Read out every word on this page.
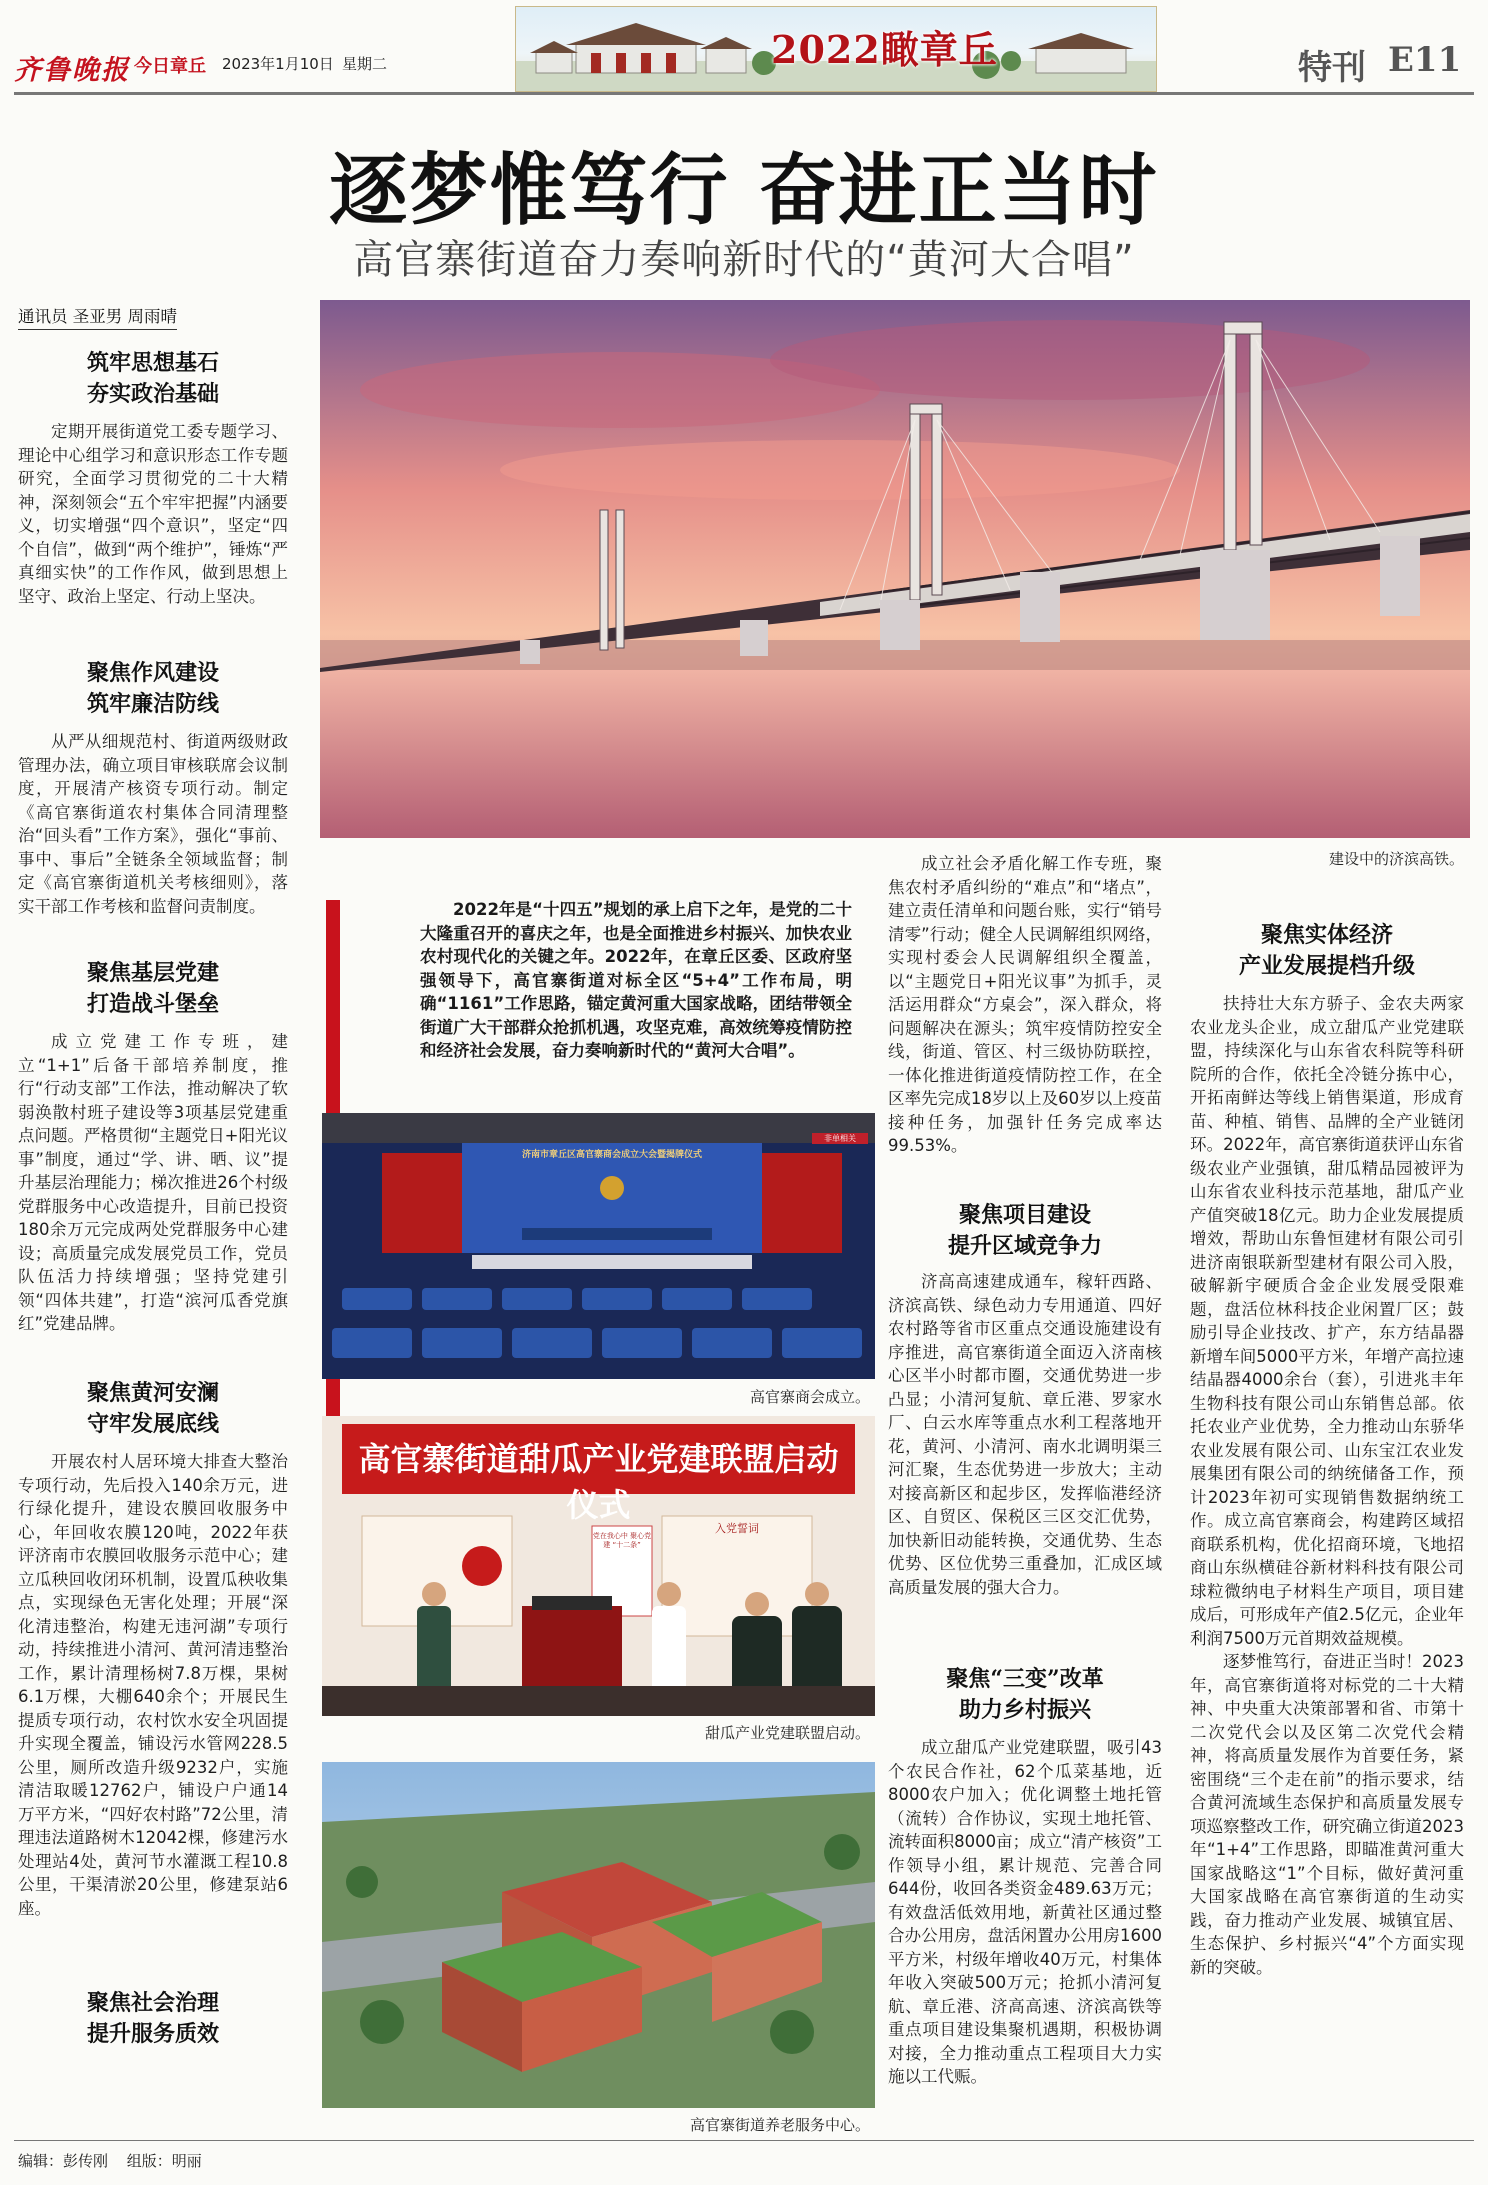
齐鲁晚报 今日章丘 2023年1月10日 星期二	2022瞰章丘	特刊 E11
逐梦惟笃行 奋进正当时
高官寨街道奋力奏响新时代的“黄河大合唱”
通讯员 圣亚男 周雨晴
筑牢思想基石
夯实政治基础

定期开展街道党工委专题学习、理论中心组学习和意识形态工作专题研究，全面学习贯彻党的二十大精神，深刻领会“五个牢牢把握”内涵要义，切实增强“四个意识”，坚定“四个自信”，做到“两个维护”，锤炼“严真细实快”的工作作风，做到思想上坚守、政治上坚定、行动上坚决。

聚焦作风建设
筑牢廉洁防线

从严从细规范村、街道两级财政管理办法，确立项目审核联席会议制度，开展清产核资专项行动。制定《高官寨街道农村集体合同清理整治“回头看”工作方案》，强化“事前、事中、事后”全链条全领域监督；制定《高官寨街道机关考核细则》，落实干部工作考核和监督问责制度。

聚焦基层党建
打造战斗堡垒

成立党建工作专班，建立“1+1”后备干部培养制度，推行“行动支部”工作法，推动解决了软弱涣散村班子建设等3项基层党建重点问题。严格贯彻“主题党日+阳光议事”制度，通过“学、讲、晒、议”提升基层治理能力；梯次推进26个村级党群服务中心改造提升，目前已投资180余万元完成两处党群服务中心建设；高质量完成发展党员工作，党员队伍活力持续增强；坚持党建引领“四体共建”，打造“滨河瓜香党旗红”党建品牌。

聚焦黄河安澜
守牢发展底线

开展农村人居环境大排查大整治专项行动，先后投入140余万元，进行绿化提升，建设农膜回收服务中心，年回收农膜120吨，2022年获评济南市农膜回收服务示范中心；建立瓜秧回收闭环机制，设置瓜秧收集点，实现绿色无害化处理；开展“深化清违整治，构建无违河湖”专项行动，持续推进小清河、黄河清违整治工作，累计清理杨树7.8万棵，果树6.1万棵，大棚640余个；开展民生提质专项行动，农村饮水安全巩固提升实现全覆盖，铺设污水管网228.5公里，厕所改造升级9232户，实施清洁取暖12762户，铺设户户通14万平方米，“四好农村路”72公里，清理违法道路树木12042棵，修建污水处理站4处，黄河节水灌溉工程10.8公里，干渠清淤20公里，修建泵站6座。

聚焦社会治理
提升服务质效
建设中的济滨高铁。

2022年是“十四五”规划的承上启下之年，是党的二十大隆重召开的喜庆之年，也是全面推进乡村振兴、加快农业农村现代化的关键之年。2022年，在章丘区委、区政府坚强领导下，高官寨街道对标全区“5+4”工作布局，明确“1161”工作思路，锚定黄河重大国家战略，团结带领全街道广大干部群众抢抓机遇，攻坚克难，高效统筹疫情防控和经济社会发展，奋力奏响新时代的“黄河大合唱”。

济南市章丘区高官寨商会成立大会暨揭牌仪式
非单相关
高官寨商会成立。
高官寨街道甜瓜产业党建联盟启动仪式
入党誓词
党在我心中 聚心党建 “十二条”
甜瓜产业党建联盟启动。
高官寨街道养老服务中心。

成立社会矛盾化解工作专班，聚焦农村矛盾纠纷的“难点”和“堵点”，建立责任清单和问题台账，实行“销号清零”行动；健全人民调解组织网络，实现村委会人民调解组织全覆盖，以“主题党日+阳光议事”为抓手，灵活运用群众“方桌会”，深入群众，将问题解决在源头；筑牢疫情防控安全线，街道、管区、村三级协防联控，一体化推进街道疫情防控工作，在全区率先完成18岁以上及60岁以上疫苗接种任务，加强针任务完成率达99.53%。

聚焦项目建设
提升区域竞争力

济高高速建成通车，稼轩西路、济滨高铁、绿色动力专用通道、四好农村路等省市区重点交通设施建设有序推进，高官寨街道全面迈入济南核心区半小时都市圈，交通优势进一步凸显；小清河复航、章丘港、罗家水厂、白云水库等重点水利工程落地开花，黄河、小清河、南水北调明渠三河汇聚，生态优势进一步放大；主动对接高新区和起步区，发挥临港经济区、自贸区、保税区三区交汇优势，加快新旧动能转换，交通优势、生态优势、区位优势三重叠加，汇成区域高质量发展的强大合力。

聚焦“三变”改革
助力乡村振兴

成立甜瓜产业党建联盟，吸引43个农民合作社，62个瓜菜基地，近8000农户加入；优化调整土地托管（流转）合作协议，实现土地托管、流转面积8000亩；成立“清产核资”工作领导小组，累计规范、完善合同644份，收回各类资金489.63万元；有效盘活低效用地，新黄社区通过整合办公用房，盘活闲置办公用房1600平方米，村级年增收40万元，村集体年收入突破500万元；抢抓小清河复航、章丘港、济高高速、济滨高铁等重点项目建设集聚机遇期，积极协调对接，全力推动重点工程项目大力实施以工代赈。

聚焦实体经济
产业发展提档升级

扶持壮大东方骄子、金农夫两家农业龙头企业，成立甜瓜产业党建联盟，持续深化与山东省农科院等科研院所的合作，依托全冷链分拣中心，开拓南鲜达等线上销售渠道，形成育苗、种植、销售、品牌的全产业链闭环。2022年，高官寨街道获评山东省级农业产业强镇，甜瓜精品园被评为山东省农业科技示范基地，甜瓜产业产值突破18亿元。助力企业发展提质增效，帮助山东鲁恒建材有限公司引进济南银联新型建材有限公司入股，破解新宇硬质合金企业发展受限难题，盘活位林科技企业闲置厂区；鼓励引导企业技改、扩产，东方结晶器新增车间5000平方米，年增产高拉速结晶器4000余台（套），引进兆丰年生物科技有限公司山东销售总部。依托农业产业优势，全力推动山东骄华农业发展有限公司、山东宝江农业发展集团有限公司的纳统储备工作，预计2023年初可实现销售数据纳统工作。成立高官寨商会，构建跨区域招商联系机构，优化招商环境，飞地招商山东纵横硅谷新材料科技有限公司球粒微纳电子材料生产项目，项目建成后，可形成年产值2.5亿元，企业年利润7500万元首期效益规模。

逐梦惟笃行，奋进正当时！2023年，高官寨街道将对标党的二十大精神、中央重大决策部署和省、市第十二次党代会以及区第二次党代会精神，将高质量发展作为首要任务，紧密围绕“三个走在前”的指示要求，结合黄河流域生态保护和高质量发展专项巡察整改工作，研究确立街道2023年“1+4”工作思路，即瞄准黄河重大国家战略这“1”个目标，做好黄河重大国家战略在高官寨街道的生动实践，奋力推动产业发展、城镇宜居、生态保护、乡村振兴“4”个方面实现新的突破。

编辑：彭传刚 组版：明丽
